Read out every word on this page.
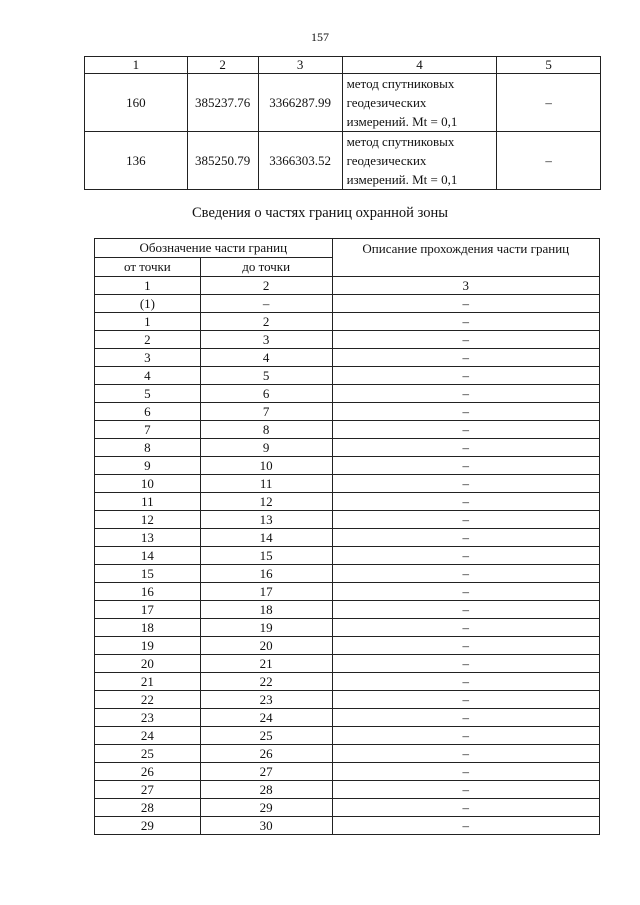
157
1	2	3	4	5
160	385237.76	3366287.99	метод спутниковых
геодезических
измерений. Mt = 0,1	–
136	385250.79	3366303.52	метод спутниковых
геодезических
измерений. Mt = 0,1	–
Сведения о частях границ охранной зоны
Обозначение части границ		Описание прохождения части границ
от точки	до точки	
1	2	3
(1)	–	–
1	2	–
2	3	–
3	4	–
4	5	–
5	6	–
6	7	–
7	8	–
8	9	–
9	10	–
10	11	–
11	12	–
12	13	–
13	14	–
14	15	–
15	16	–
16	17	–
17	18	–
18	19	–
19	20	–
20	21	–
21	22	–
22	23	–
23	24	–
24	25	–
25	26	–
26	27	–
27	28	–
28	29	–
29	30	–
